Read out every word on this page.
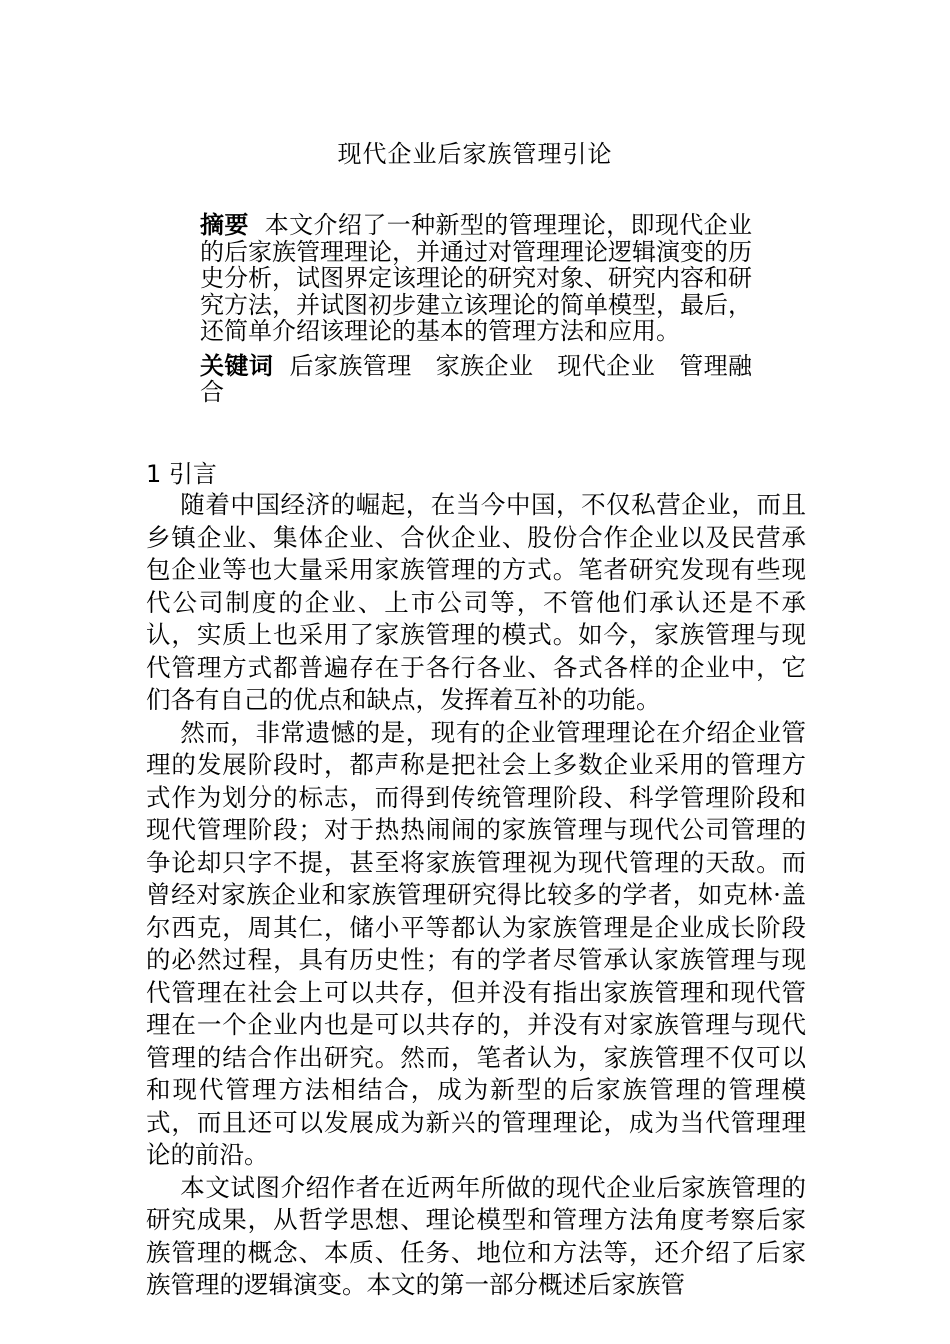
现代企业后家族管理引论

摘要 本文介绍了一种新型的管理理论，即现代企业的后家族管理理论，并通过对管理理论逻辑演变的历史分析，试图界定该理论的研究对象、研究内容和研究方法，并试图初步建立该理论的简单模型，最后，还简单介绍该理论的基本的管理方法和应用。

关键词 后家族管理 家族企业 现代企业 管理融合

1 引言

随着中国经济的崛起，在当今中国，不仅私营企业，而且乡镇企业、集体企业、合伙企业、股份合作企业以及民营承包企业等也大量采用家族管理的方式。笔者研究发现有些现代公司制度的企业、上市公司等，不管他们承认还是不承认，实质上也采用了家族管理的模式。如今，家族管理与现代管理方式都普遍存在于各行各业、各式各样的企业中，它们各有自己的优点和缺点，发挥着互补的功能。

然而，非常遗憾的是，现有的企业管理理论在介绍企业管理的发展阶段时，都声称是把社会上多数企业采用的管理方式作为划分的标志，而得到传统管理阶段、科学管理阶段和现代管理阶段；对于热热闹闹的家族管理与现代公司管理的争论却只字不提，甚至将家族管理视为现代管理的天敌。而曾经对家族企业和家族管理研究得比较多的学者，如克林·盖尔西克，周其仁，储小平等都认为家族管理是企业成长阶段的必然过程，具有历史性；有的学者尽管承认家族管理与现代管理在社会上可以共存，但并没有指出家族管理和现代管理在一个企业内也是可以共存的，并没有对家族管理与现代管理的结合作出研究。然而，笔者认为，家族管理不仅可以和现代管理方法相结合，成为新型的后家族管理的管理模式，而且还可以发展成为新兴的管理理论，成为当代管理理论的前沿。

本文试图介绍作者在近两年所做的现代企业后家族管理的研究成果，从哲学思想、理论模型和管理方法角度考察后家族管理的概念、本质、任务、地位和方法等，还介绍了后家族管理的逻辑演变。本文的第一部分概述后家族管
